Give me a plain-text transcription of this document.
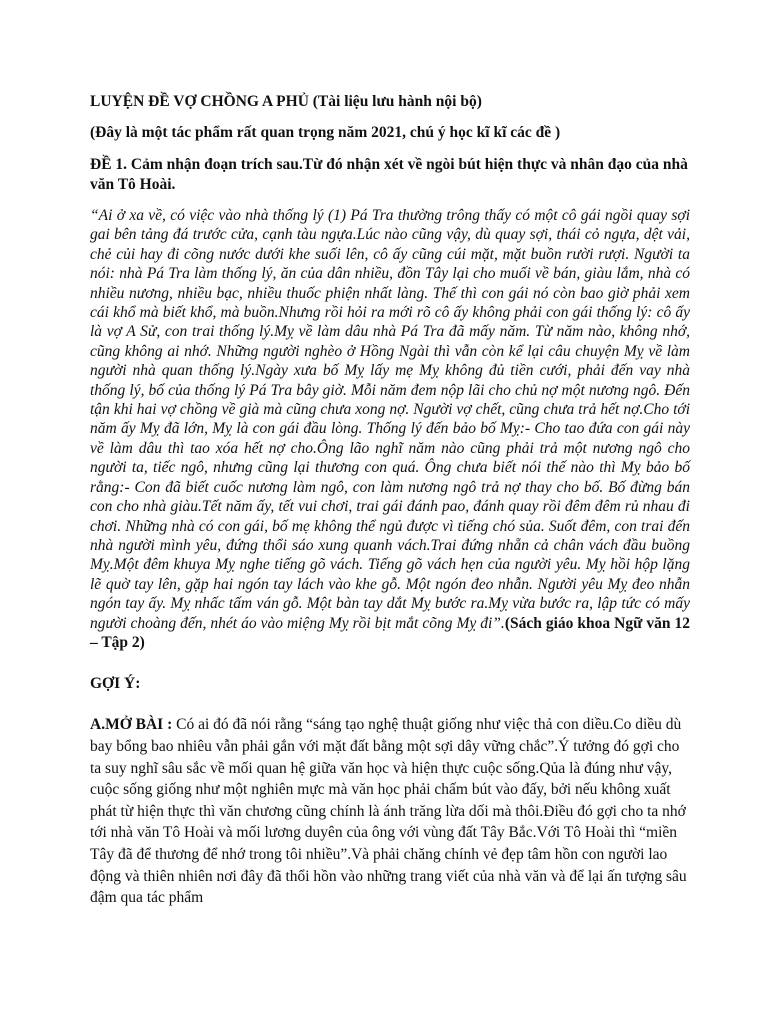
LUYỆN ĐỀ VỢ CHỒNG A PHỦ (Tài liệu lưu hành nội bộ)
(Đây là một tác phẩm rất quan trọng năm 2021, chú ý học kĩ kĩ các đề )
ĐỀ 1. Cảm nhận đoạn trích sau.Từ đó nhận xét về ngòi bút hiện thực và nhân đạo của nhà văn Tô Hoài.
“Ai ở xa về, có việc vào nhà thống lý (1) Pá Tra thường trông thấy có một cô gái ngồi quay sợi gai bên tảng đá trước cửa, cạnh tàu ngựa.Lúc nào cũng vậy, dù quay sợi, thái cỏ ngựa, dệt vải, chẻ củi hay đi cõng nước dưới khe suối lên, cô ấy cũng cúi mặt, mặt buồn rười rượi. Người ta nói: nhà Pá Tra làm thống lý, ăn của dân nhiều, đồn Tây lại cho muối về bán, giàu lắm, nhà có nhiều nương, nhiều bạc, nhiều thuốc phiện nhất làng. Thế thì con gái nó còn bao giờ phải xem cái khổ mà biết khổ, mà buồn.Nhưng rồi hỏi ra mới rõ cô ấy không phải con gái thống lý: cô ấy là vợ A Sử, con trai thống lý.Mỵ về làm dâu nhà Pá Tra đã mấy năm. Từ năm nào, không nhớ, cũng không ai nhớ. Những người nghèo ở Hồng Ngài thì vẫn còn kể lại câu chuyện Mỵ về làm người nhà quan thống lý.Ngày xưa bố Mỵ lấy mẹ Mỵ không đủ tiền cưới, phải đến vay nhà thống lý, bố của thống lý Pá Tra bây giờ. Mỗi năm đem nộp lãi cho chủ nợ một nương ngô. Đến tận khi hai vợ chồng về già mà cũng chưa xong nợ. Người vợ chết, cũng chưa trả hết nợ.Cho tới năm ấy Mỵ đã lớn, Mỵ là con gái đầu lòng. Thống lý đến bảo bố Mỵ:- Cho tao đứa con gái này về làm dâu thì tao xóa hết nợ cho.Ông lão nghĩ năm nào cũng phải trả một nương ngô cho người ta, tiếc ngô, nhưng cũng lại thương con quá. Ông chưa biết nói thế nào thì Mỵ bảo bố rằng:- Con đã biết cuốc nương làm ngô, con làm nương ngô trả nợ thay cho bố. Bố đừng bán con cho nhà giàu.Tết năm ấy, tết vui chơi, trai gái đánh pao, đánh quay rồi đêm đêm rủ nhau đi chơi. Những nhà có con gái, bố mẹ không thể ngủ được vì tiếng chó sủa. Suốt đêm, con trai đến nhà người mình yêu, đứng thổi sáo xung quanh vách.Trai đứng nhẵn cả chân vách đầu buồng Mỵ.Một đêm khuya Mỵ nghe tiếng gõ vách. Tiếng gõ vách hẹn của người yêu. Mỵ hồi hộp lặng lẽ quờ tay lên, gặp hai ngón tay lách vào khe gỗ. Một ngón đeo nhẫn. Người yêu Mỵ đeo nhẫn ngón tay ấy. Mỵ nhấc tấm ván gỗ. Một bàn tay dắt Mỵ bước ra.Mỵ vừa bước ra, lập tức có mấy người choàng đến, nhét áo vào miệng Mỵ rồi bịt mắt cõng Mỵ đi”.(Sách giáo khoa Ngữ văn 12 – Tập 2)
GỢI Ý:
A.MỞ BÀI : Có ai đó đã nói rằng “sáng tạo nghệ thuật giống như việc thả con diều.Co diều dù bay bổng bao nhiêu vẫn phải gắn với mặt đất bằng một sợi dây vững chắc”.Ý tưởng đó gợi cho ta suy nghĩ sâu sắc về mối quan hệ giữa văn học và hiện thực cuộc sống.Qủa là đúng như vậy, cuộc sống giống như một nghiên mực mà văn học phải chấm bút vào đấy, bởi nếu không xuất phát từ hiện thực thì văn chương cũng chính là ánh trăng lừa dối mà thôi.Điều đó gợi cho ta nhớ tới nhà văn Tô Hoài và mối lương duyên của ông với vùng đất Tây Bắc.Với Tô Hoài thì “miền Tây đã để thương để nhớ trong tôi nhiều”.Và phải chăng chính vẻ đẹp tâm hồn con người lao động và thiên nhiên nơi đây đã thổi hồn vào những trang viết của nhà văn và để lại ấn tượng sâu đậm qua tác phẩm
